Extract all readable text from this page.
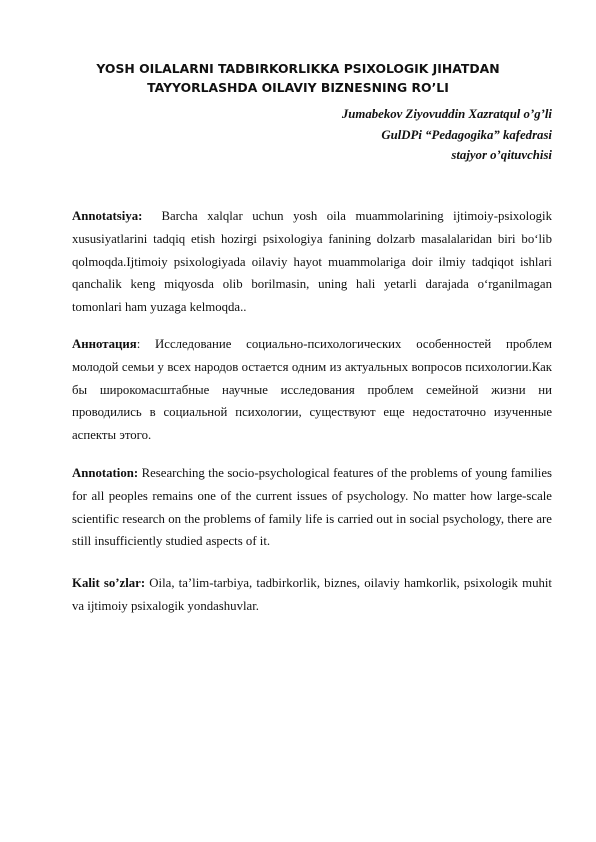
YOSH OILALARNI TADBIRKORLIKKA PSIXOLOGIK JIHATDAN
TAYYORLASHDA OILAVIY BIZNESNING RO’LI
Jumabekov Ziyovuddin Xazratqul o’g’li
GulDPi “Pedagogika” kafedrasi
stajyor o’qituvchisi

Annotatsiya: Barcha xalqlar uchun yosh oila muammolarining ijtimoiy-psixologik xususiyatlarini tadqiq etish hozirgi psixologiya fanining dolzarb masalalaridan biri bo‘lib qolmoqda.Ijtimoiy psixologiyada oilaviy hayot muammolariga doir ilmiy tadqiqot ishlari qanchalik keng miqyosda olib borilmasin, uning hali yetarli darajada o‘rganilmagan tomonlari ham yuzaga kelmoqda..

Аннотация: Исследование социально-психологических особенностей проблем молодой семьи у всех народов остается одним из актуальных вопросов психологии.Как бы широкомасштабные научные исследования проблем семейной жизни ни проводились в социальной психологии, существуют еще недостаточно изученные аспекты этого.

Annotation: Researching the socio-psychological features of the problems of young families for all peoples remains one of the current issues of psychology. No matter how large-scale scientific research on the problems of family life is carried out in social psychology, there are still insufficiently studied aspects of it.

Kalit so’zlar: Oila, ta’lim-tarbiya, tadbirkorlik, biznes, oilaviy hamkorlik, psixologik muhit va ijtimoiy psixalogik yondashuvlar.
